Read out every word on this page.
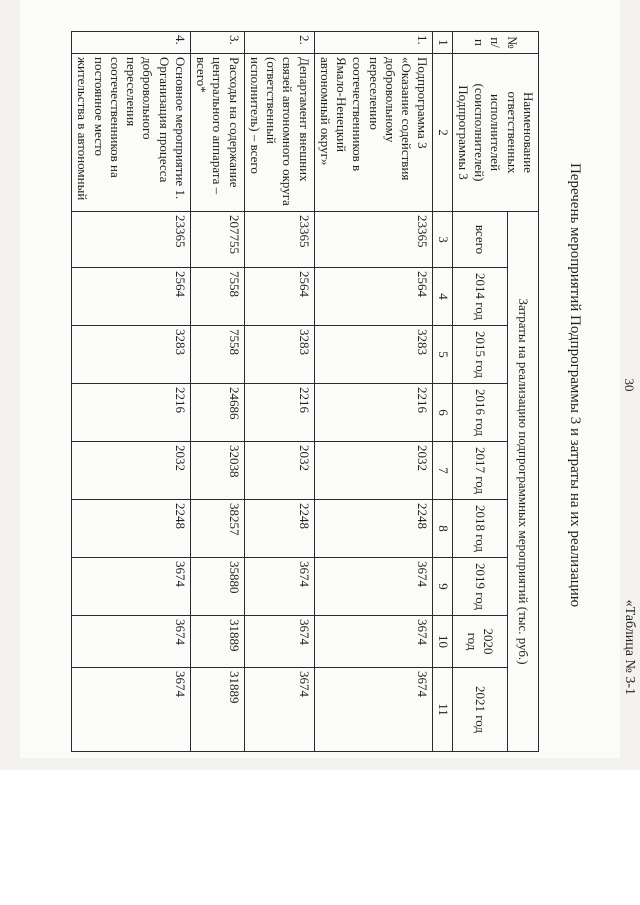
30
«Таблица № 3-1
Перечень мероприятий Подпрограммы 3 и затраты на их реализацию
№
п/п	Наименование ответственных исполнителей (соисполнителей) Подпрограммы 3	Затраты на реализацию подпрограммных мероприятий (тыс. руб.)								
		всего	2014 год	2015 год	2016 год	2017 год	2018 год	2019 год	2020 год	2021 год
1	2	3	4	5	6	7	8	9	10	11
1.	Подпрограмма 3 «Оказание содействия добровольному переселению соотечественников в Ямало-Ненецкий автономный округ»	23365	2564	3283	2216	2032	2248	3674	3674	3674
2.	Департамент внешних связей автономного округа (ответственный исполнитель) – всего	23365	2564	3283	2216	2032	2248	3674	3674	3674
3.	Расходы на содержание центрального аппарата – всего*	207755	7558	7558	24686	32038	38257	35880	31889	31889
4.	Основное мероприятие 1. Организация процесса добровольного переселения соотечественников на постоянное место жительства в автономный	23365	2564	3283	2216	2032	2248	3674	3674	3674
